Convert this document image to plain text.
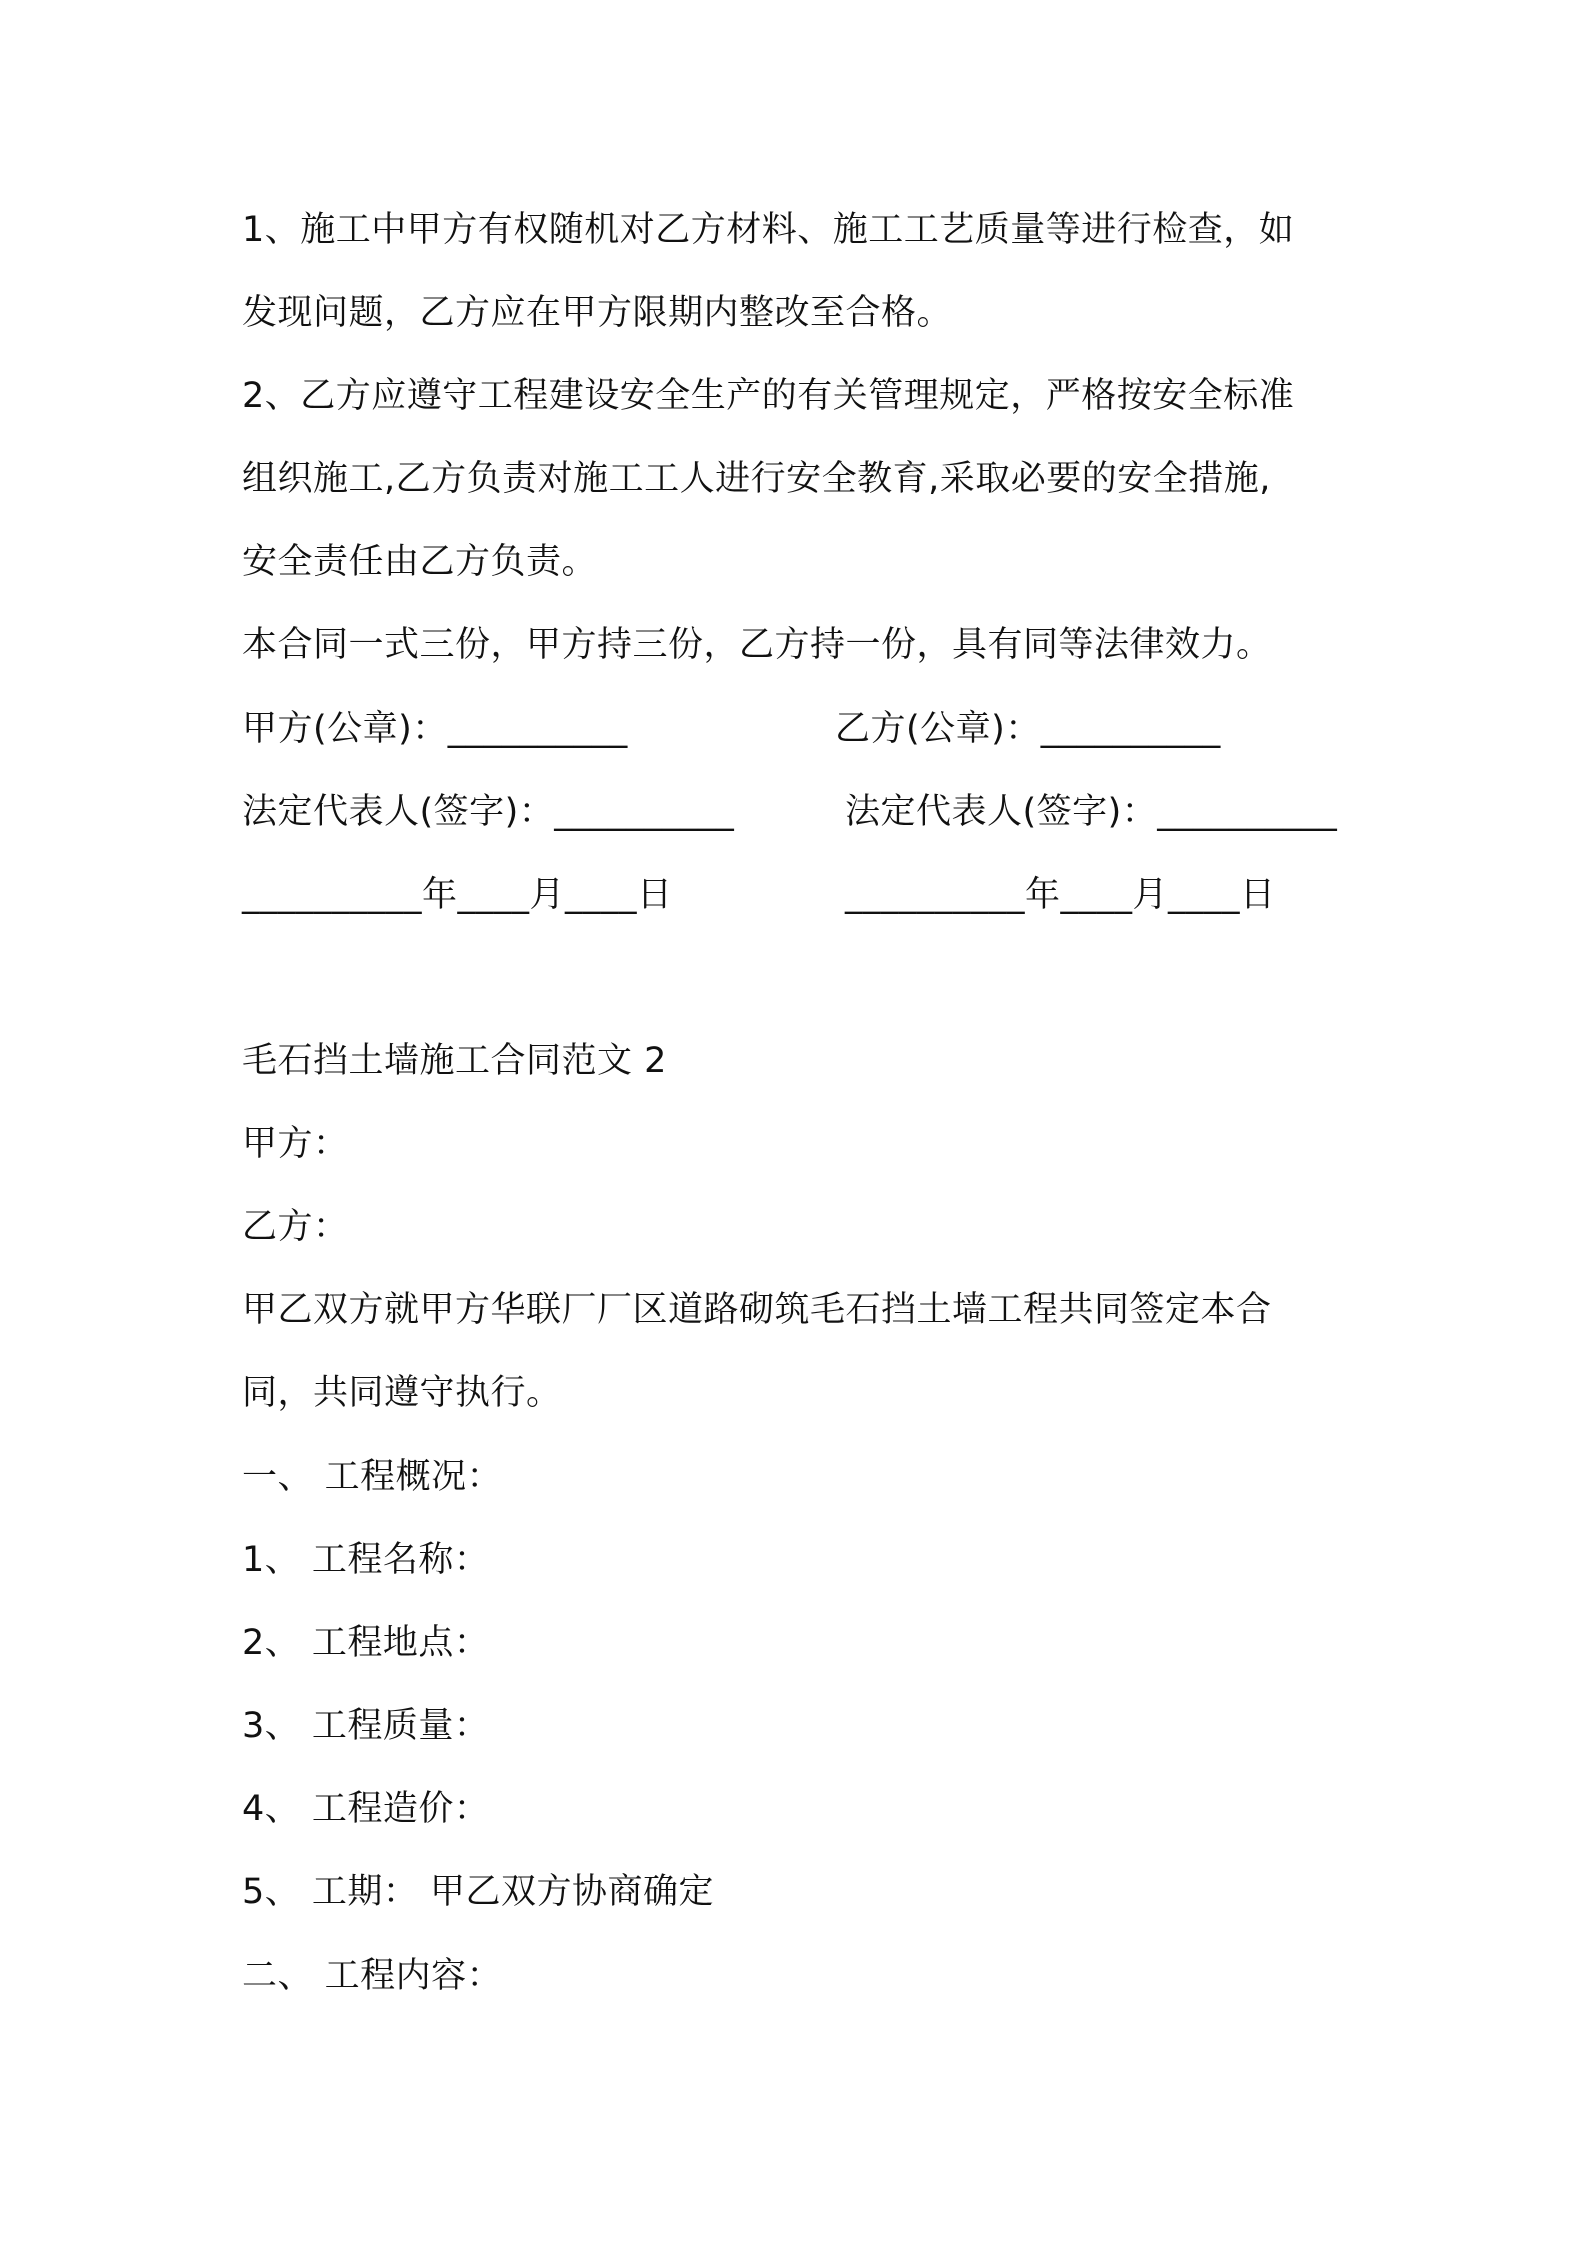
1、施工中甲方有权随机对乙方材料、施工工艺质量等进行检查，如
发现问题，乙方应在甲方限期内整改至合格。
2、乙方应遵守工程建设安全生产的有关管理规定，严格按安全标准
组织施工,乙方负责对施工工人进行安全教育,采取必要的安全措施,
安全责任由乙方负责。
本合同一式三份，甲方持三份，乙方持一份，具有同等法律效力。
甲方(公章)：__________	乙方(公章)：__________
法定代表人(签字)：__________	法定代表人(签字)：__________
__________年____月____日	__________年____月____日
毛石挡土墙施工合同范文 2
甲方：
乙方：
甲乙双方就甲方华联厂厂区道路砌筑毛石挡土墙工程共同签定本合
同，共同遵守执行。
一、 工程概况：
1、 工程名称：
2、 工程地点：
3、 工程质量：
4、 工程造价：
5、 工期： 甲乙双方协商确定
二、 工程内容：
